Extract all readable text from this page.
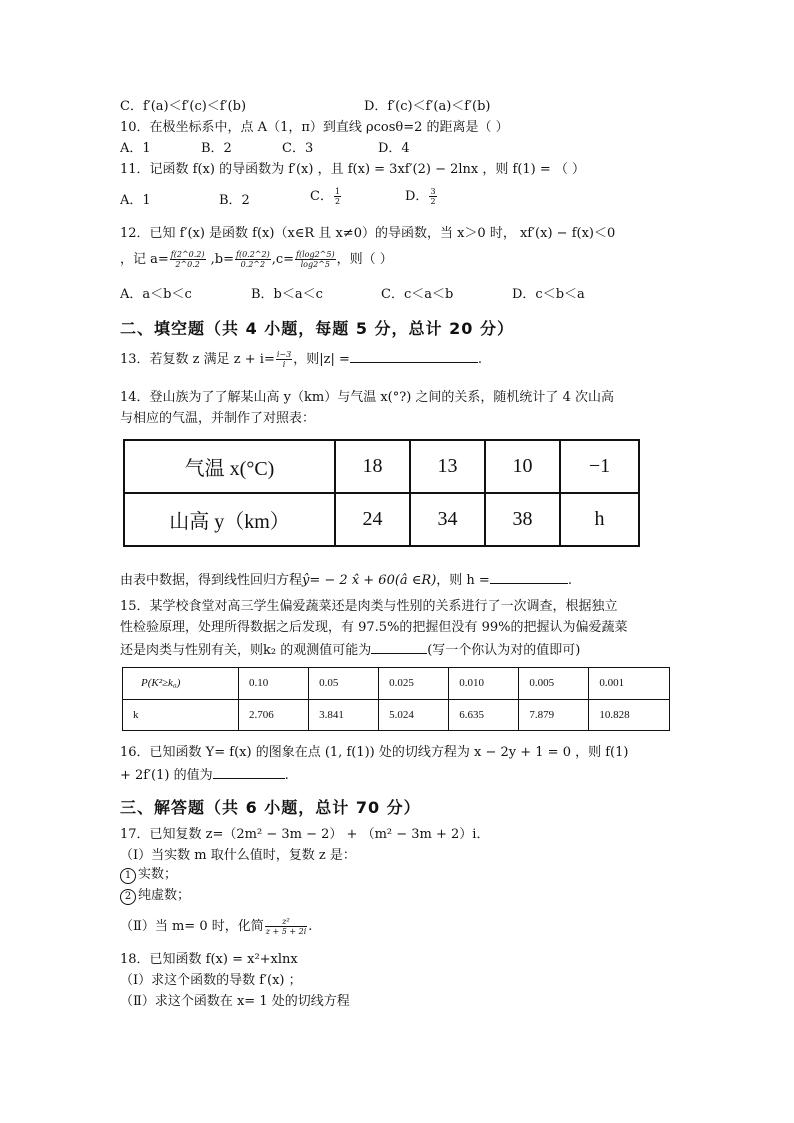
C．f′(a)＜f′(c)＜f′(b)	D．f′(c)＜f′(a)＜f′(b)
10．在极坐标系中，点 A（1，π）到直线 ρcosθ=2 的距离是（ ）
A．1	B．2	C．3	D．4
11．记函数 f(x) 的导函数为 f′(x) ，且 f(x) = 3xf′(2) − 2lnx ，则 f(1) = （ ）
A．1	B．2	C． $\frac{1}{2}$	D． $\frac{3}{2}$
12．已知 f′(x) 是函数 f(x)（x∈R 且 x≠0）的导函数，当 x＞0 时， xf′(x) − f(x)＜0
，记 $a= \frac{f(2\^{}0.2)}{2\^{}0.2} ,b= \frac{f(0.2\^{}2)}{0.2\^{}2} ,c= \frac{f(\log 2\^{}5)}{\log 2\^{}5}$ ，则（ ）
A．a＜b＜c	B．b＜a＜c	C．c＜a＜b	D．c＜b＜a
二、填空题（共 4 小题，每题 5 分，总计 20 分）
13．若复数 z 满足 $z + i= \frac{i-3}{i}$ ，则|z| =	.
14．登山族为了了解某山高 y（km）与气温 x(°?) 之间的关系，随机统计了 4 次山高
与相应的气温，并制作了对照表：
气温 x(°C)	18	13	10	−1
山高 y（km）	24	34	38	h
由表中数据，得到线性回归方程ŷ= − 2 x̂ + 60(â ∈R)，则 h =	.
15．某学校食堂对高三学生偏爱蔬菜还是肉类与性别的关系进行了一次调查，根据独立
性检验原理，处理所得数据之后发现，有 97.5%的把握但没有 99%的把握认为偏爱蔬菜
还是肉类与性别有关，则k₂ 的观测值可能为	(写一个你认为对的值即可)
P(K²≥k₀)	0.10	0.05	0.025	0.010	0.005	0.001
k	2.706	3.841	5.024	6.635	7.879	10.828
16．已知函数 Y= f(x) 的图象在点 (1, f(1)) 处的切线方程为 x − 2y + 1 = 0 ，则 f(1)
+ 2f′(1) 的值为	.
三、解答题（共 6 小题，总计 70 分）
17．已知复数 z=（2m² − 3m − 2） + （m² − 3m + 2）i．
（Ⅰ）当实数 m 取什么值时，复数 z 是：
1 实数；
2 纯虚数；
（Ⅱ）当 m= 0 时，化简 $\frac{\text{z²}}{z + 5 + 2i}$ .
18．已知函数 f(x) = x²+xlnx
（Ⅰ）求这个函数的导数 f′(x) ；
（Ⅱ）求这个函数在 x= 1 处的切线方程
